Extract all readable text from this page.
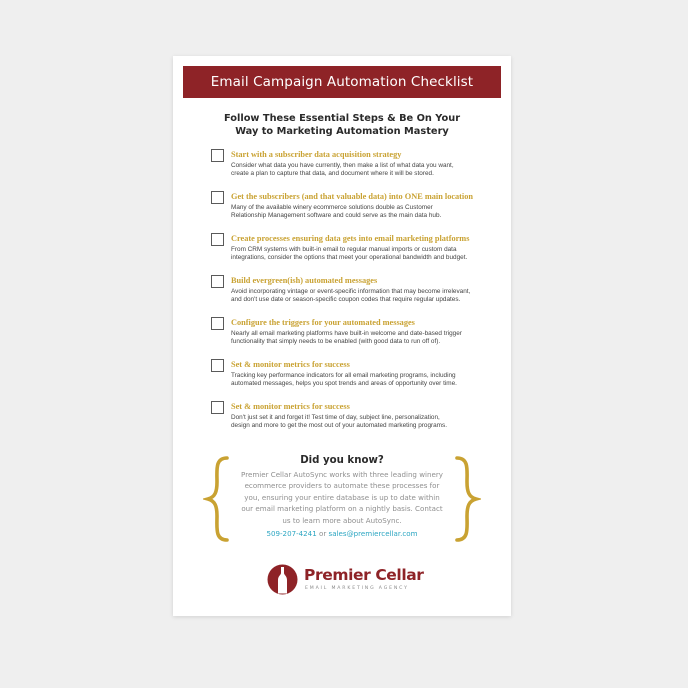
Email Campaign Automation Checklist
Follow These Essential Steps & Be On Your
Way to Marketing Automation Mastery
Start with a subscriber data acquisition strategy
Consider what data you have currently, then make a list of what data you want,
create a plan to capture that data, and document where it will be stored.
Get the subscribers (and that valuable data) into ONE main location
Many of the available winery ecommerce solutions double as Customer
Relationship Management software and could serve as the main data hub.
Create processes ensuring data gets into email marketing platforms
From CRM systems with built-in email to regular manual imports or custom data
integrations, consider the options that meet your operational bandwidth and budget.
Build evergreen(ish) automated messages
Avoid incorporating vintage or event-specific information that may become irrelevant,
and don't use date or season-specific coupon codes that require regular updates.
Configure the triggers for your automated messages
Nearly all email marketing platforms have built-in welcome and date-based trigger
functionality that simply needs to be enabled (with good data to run off of).
Set & monitor metrics for success
Tracking key performance indicators for all email marketing programs, including
automated messages, helps you spot trends and areas of opportunity over time.
Set & monitor metrics for success
Don't just set it and forget it! Test time of day, subject line, personalization,
design and more to get the most out of your automated marketing programs.
Did you know?
Premier Cellar AutoSync works with three leading winery ecommerce providers to automate these processes for you, ensuring your entire database is up to date within our email marketing platform on a nightly basis. Contact us to learn more about AutoSync.
509-207-4241 or sales@premiercellar.com
Premier Cellar
EMAIL MARKETING AGENCY
